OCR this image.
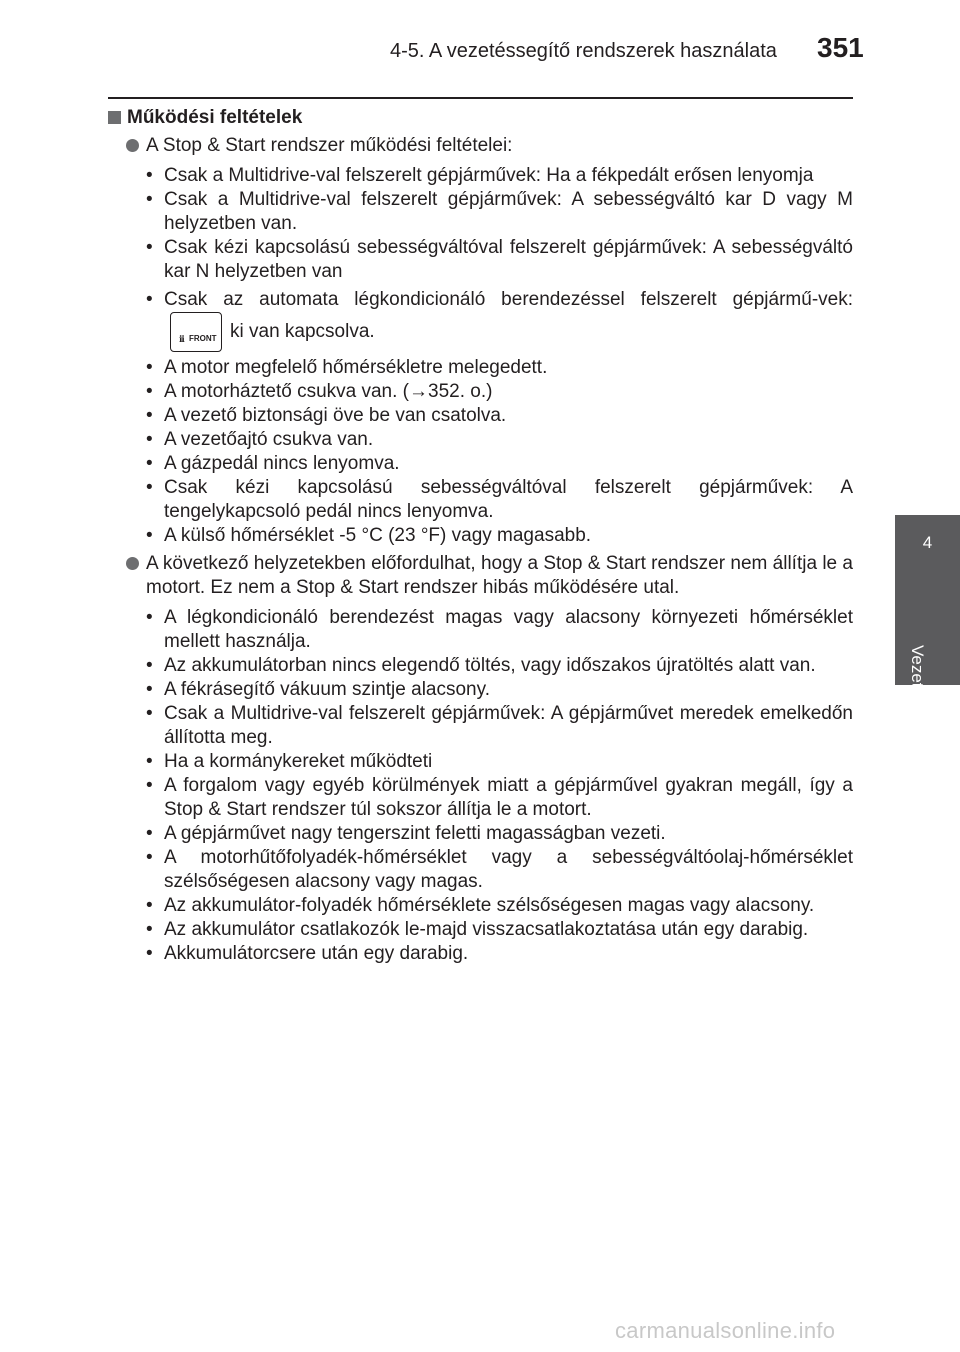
4-5. A vezetéssegítő rendszerek használata 351
4
Vezetés
Működési feltételek
A Stop & Start rendszer működési feltételei:
• Csak a Multidrive-val felszerelt gépjárművek: Ha a fékpedált erősen lenyomja
• Csak a Multidrive-val felszerelt gépjárművek: A sebességváltó kar D vagy M helyzetben van.
• Csak kézi kapcsolású sebességváltóval felszerelt gépjárművek: A sebességváltó kar N helyzetben van
• Csak az automata légkondicionáló berendezéssel felszerelt gépjármű-vek:
ℹℹ FRONT ki van kapcsolva.
• A motor megfelelő hőmérsékletre melegedett.
• A motorháztető csukva van. (→352. o.)
• A vezető biztonsági öve be van csatolva.
• A vezetőajtó csukva van.
• A gázpedál nincs lenyomva.
• Csak kézi kapcsolású sebességváltóval felszerelt gépjárművek: A tengelykapcsoló pedál nincs lenyomva.
• A külső hőmérséklet -5 °C (23 °F) vagy magasabb.
A következő helyzetekben előfordulhat, hogy a Stop & Start rendszer nem állítja le a motort. Ez nem a Stop & Start rendszer hibás működésére utal.
• A légkondicionáló berendezést magas vagy alacsony környezeti hőmérséklet mellett használja.
• Az akkumulátorban nincs elegendő töltés, vagy időszakos újratöltés alatt van.
• A fékrásegítő vákuum szintje alacsony.
• Csak a Multidrive-val felszerelt gépjárművek: A gépjárművet meredek emelkedőn állította meg.
• Ha a kormánykereket működteti
• A forgalom vagy egyéb körülmények miatt a gépjárművel gyakran megáll, így a Stop & Start rendszer túl sokszor állítja le a motort.
• A gépjárművet nagy tengerszint feletti magasságban vezeti.
• A motorhűtőfolyadék-hőmérséklet vagy a sebességváltóolaj-hőmérséklet szélsőségesen alacsony vagy magas.
• Az akkumulátor-folyadék hőmérséklete szélsőségesen magas vagy alacsony.
• Az akkumulátor csatlakozók le-majd visszacsatlakoztatása után egy darabig.
• Akkumulátorcsere után egy darabig.
carmanualsonline.info
